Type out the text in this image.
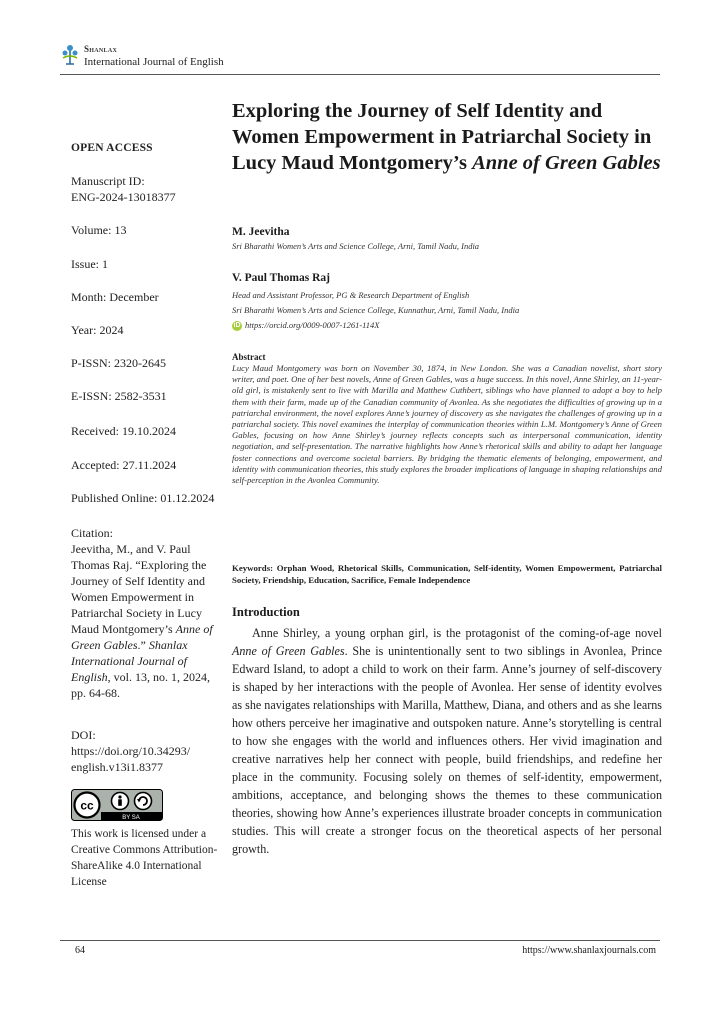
Shanlax
International Journal of English
OPEN ACCESS
Manuscript ID:
ENG-2024-13018377
Volume: 13
Issue: 1
Month: December
Year: 2024
P-ISSN: 2320-2645
E-ISSN: 2582-3531
Received: 19.10.2024
Accepted: 27.11.2024
Published Online: 01.12.2024
Citation:
Jeevitha, M., and V. Paul Thomas Raj. “Exploring the Journey of Self Identity and Women Empowerment in Patriarchal Society in Lucy Maud Montgomery’s Anne of Green Gables.” Shanlax International Journal of English, vol. 13, no. 1, 2024, pp. 64-68.
DOI:
https://doi.org/10.34293/ english.v13i1.8377
cc
BY SA
This work is licensed under a Creative Commons Attribution-ShareAlike 4.0 International License
Exploring the Journey of Self Identity and Women Empowerment in Patriarchal Society in Lucy Maud Montgomery’s Anne of Green Gables
M. Jeevitha
Sri Bharathi Women’s Arts and Science College, Arni, Tamil Nadu, India
V. Paul Thomas Raj
Head and Assistant Professor, PG & Research Department of English
Sri Bharathi Women’s Arts and Science College, Kunnathur, Arni, Tamil Nadu, India
iD https://orcid.org/0009-0007-1261-114X
Abstract
Lucy Maud Montgomery was born on November 30, 1874, in New London. She was a Canadian novelist, short story writer, and poet. One of her best novels, Anne of Green Gables, was a huge success. In this novel, Anne Shirley, an 11-year-old girl, is mistakenly sent to live with Marilla and Matthew Cuthbert, siblings who have planned to adopt a boy to help them with their farm, made up of the Canadian community of Avonlea. As she negotiates the difficulties of growing up in a patriarchal environment, the novel explores Anne’s journey of discovery as she navigates the challenges of growing up in a patriarchal society. This novel examines the interplay of communication theories within L.M. Montgomery’s Anne of Green Gables, focusing on how Anne Shirley’s journey reflects concepts such as interpersonal communication, identity negotiation, and self-presentation. The narrative highlights how Anne’s rhetorical skills and ability to adapt her language foster connections and overcome societal barriers. By bridging the thematic elements of belonging, empowerment, and identity with communication theories, this study explores the broader implications of language in shaping relationships and self-perception in the Avonlea Community.
Keywords: Orphan Wood, Rhetorical Skills, Communication, Self-identity, Women Empowerment, Patriarchal Society, Friendship, Education, Sacrifice, Female Independence
Introduction
Anne Shirley, a young orphan girl, is the protagonist of the coming-of-age novel Anne of Green Gables. She is unintentionally sent to two siblings in Avonlea, Prince Edward Island, to adopt a child to work on their farm. Anne’s journey of self-discovery is shaped by her interactions with the people of Avonlea. Her sense of identity evolves as she navigates relationships with Marilla, Matthew, Diana, and others and as she learns how others perceive her imaginative and outspoken nature. Anne’s storytelling is central to how she engages with the world and influences others. Her vivid imagination and creative narratives help her connect with people, build friendships, and redefine her place in the community. Focusing solely on themes of self-identity, empowerment, ambitions, acceptance, and belonging shows the themes to these communication theories, showing how Anne’s experiences illustrate broader concepts in communication studies. This will create a stronger focus on the theoretical aspects of her personal growth.
64	https://www.shanlaxjournals.com
